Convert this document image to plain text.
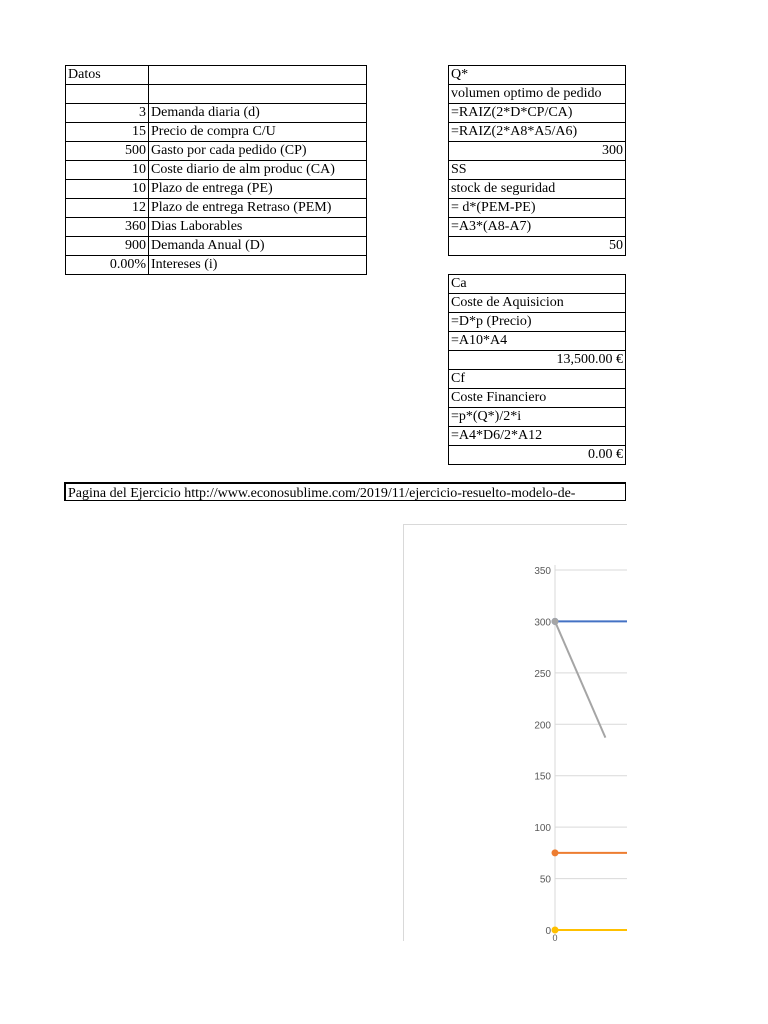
Datos	

3	Demanda diaria (d)
15	Precio de compra C/U
500	Gasto por cada pedido (CP)
10	Coste diario de alm produc (CA)
10	Plazo de entrega (PE)
12	Plazo de entrega Retraso (PEM)
360	Dias Laborables
900	Demanda Anual (D)
0.00%	Intereses (i)
Q*
volumen optimo de pedido
=RAIZ(2*D*CP/CA)
=RAIZ(2*A8*A5/A6)
300
SS
stock de seguridad
= d*(PEM-PE)
=A3*(A8-A7)
50
Ca
Coste de Aquisicion
=D*p (Precio)
=A10*A4
13,500.00 €
Cf
Coste Financiero
=p*(Q*)/2*i
=A4*D6/2*A12
0.00 €
Pagina del Ejercicio http://www.econosublime.com/2019/11/ejercicio-resuelto-modelo-de-
350
300
250
200
150
100
50
0
0
